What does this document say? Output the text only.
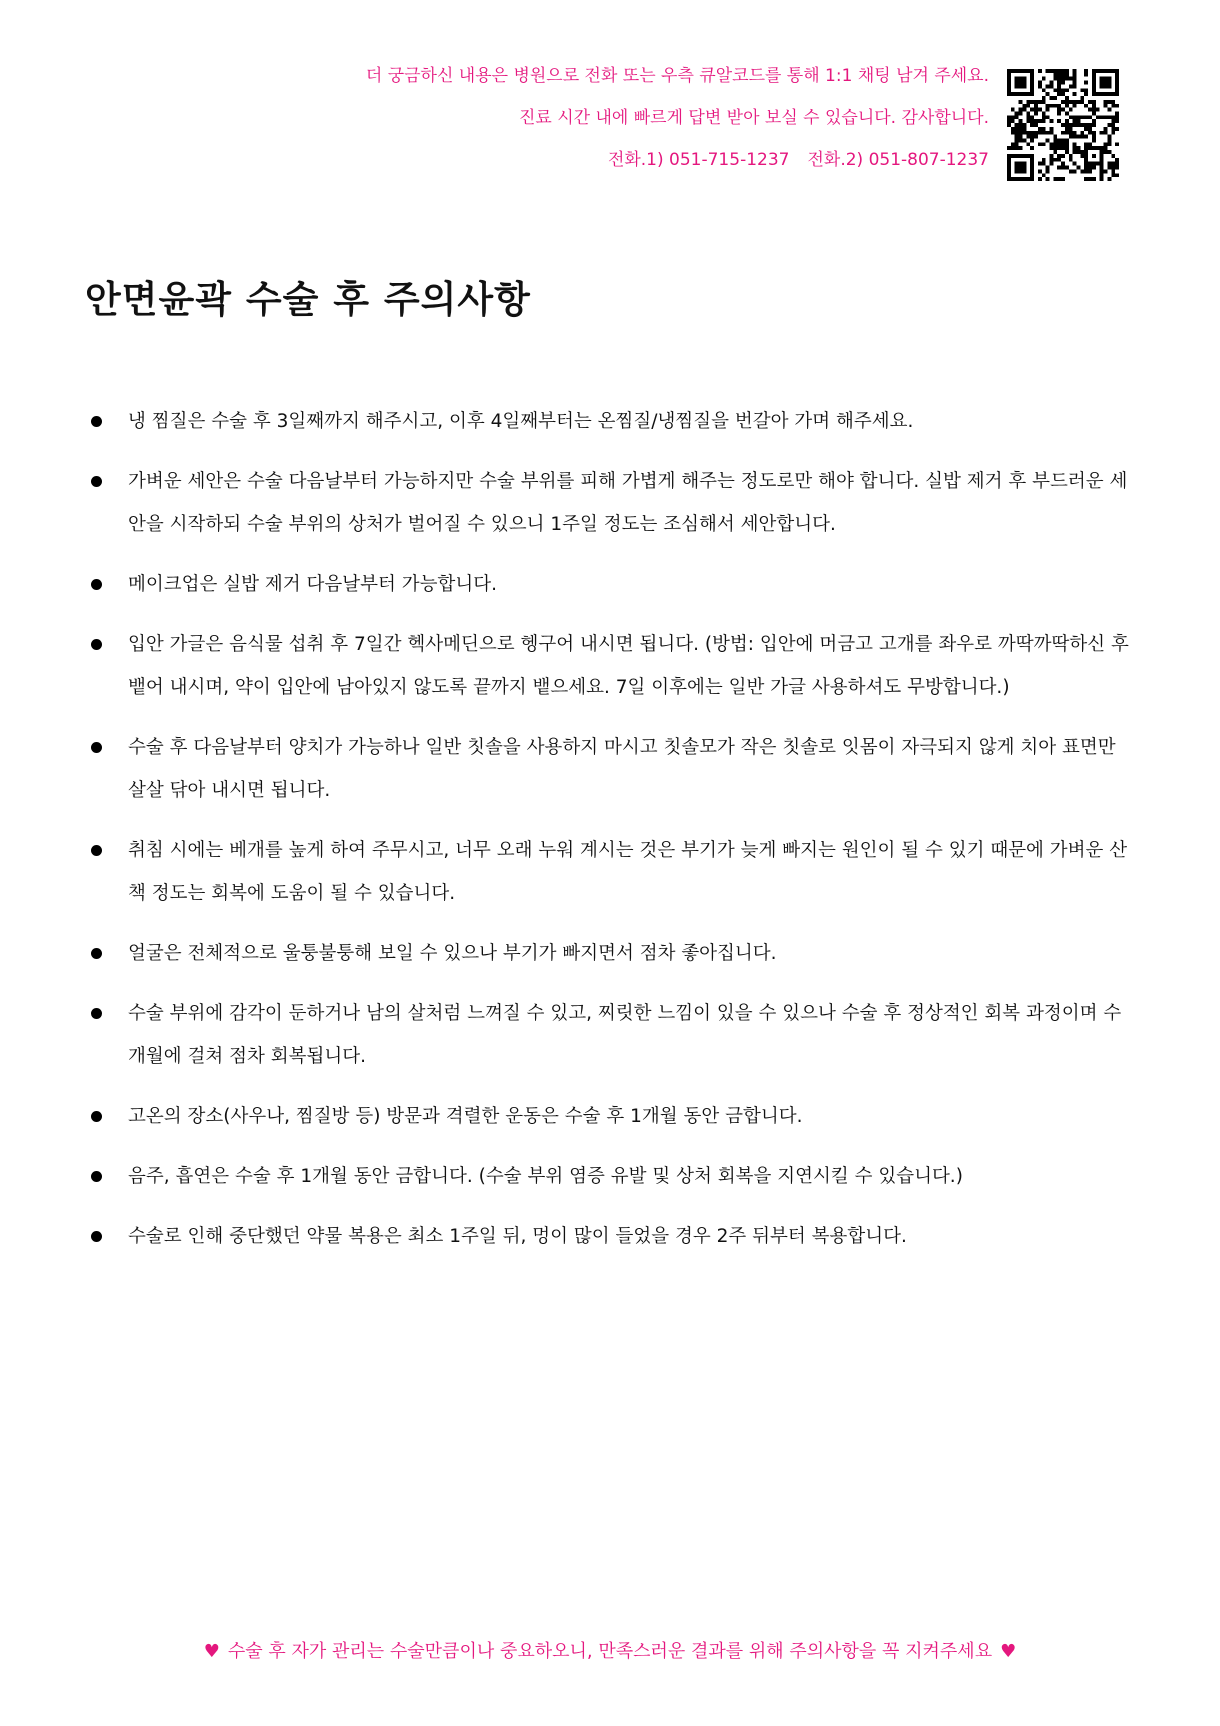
더 궁금하신 내용은 병원으로 전화 또는 우측 큐알코드를 통해 1:1 채팅 남겨 주세요.
진료 시간 내에 빠르게 답변 받아 보실 수 있습니다. 감사합니다.
전화.1) 051-715-1237 전화.2) 051-807-1237
안면윤곽 수술 후 주의사항
냉 찜질은 수술 후 3일째까지 해주시고, 이후 4일째부터는 온찜질/냉찜질을 번갈아 가며 해주세요.
가벼운 세안은 수술 다음날부터 가능하지만 수술 부위를 피해 가볍게 해주는 정도로만 해야 합니다. 실밥 제거 후 부드러운 세안을 시작하되 수술 부위의 상처가 벌어질 수 있으니 1주일 정도는 조심해서 세안합니다.
메이크업은 실밥 제거 다음날부터 가능합니다.
입안 가글은 음식물 섭취 후 7일간 헥사메딘으로 헹구어 내시면 됩니다. (방법: 입안에 머금고 고개를 좌우로 까딱까딱하신 후 뱉어 내시며, 약이 입안에 남아있지 않도록 끝까지 뱉으세요. 7일 이후에는 일반 가글 사용하셔도 무방합니다.)
수술 후 다음날부터 양치가 가능하나 일반 칫솔을 사용하지 마시고 칫솔모가 작은 칫솔로 잇몸이 자극되지 않게 치아 표면만 살살 닦아 내시면 됩니다.
취침 시에는 베개를 높게 하여 주무시고, 너무 오래 누워 계시는 것은 부기가 늦게 빠지는 원인이 될 수 있기 때문에 가벼운 산책 정도는 회복에 도움이 될 수 있습니다.
얼굴은 전체적으로 울퉁불퉁해 보일 수 있으나 부기가 빠지면서 점차 좋아집니다.
수술 부위에 감각이 둔하거나 남의 살처럼 느껴질 수 있고, 찌릿한 느낌이 있을 수 있으나 수술 후 정상적인 회복 과정이며 수개월에 걸쳐 점차 회복됩니다.
고온의 장소(사우나, 찜질방 등) 방문과 격렬한 운동은 수술 후 1개월 동안 금합니다.
음주, 흡연은 수술 후 1개월 동안 금합니다. (수술 부위 염증 유발 및 상처 회복을 지연시킬 수 있습니다.)
수술로 인해 중단했던 약물 복용은 최소 1주일 뒤, 멍이 많이 들었을 경우 2주 뒤부터 복용합니다.
♥ 수술 후 자가 관리는 수술만큼이나 중요하오니, 만족스러운 결과를 위해 주의사항을 꼭 지켜주세요 ♥
